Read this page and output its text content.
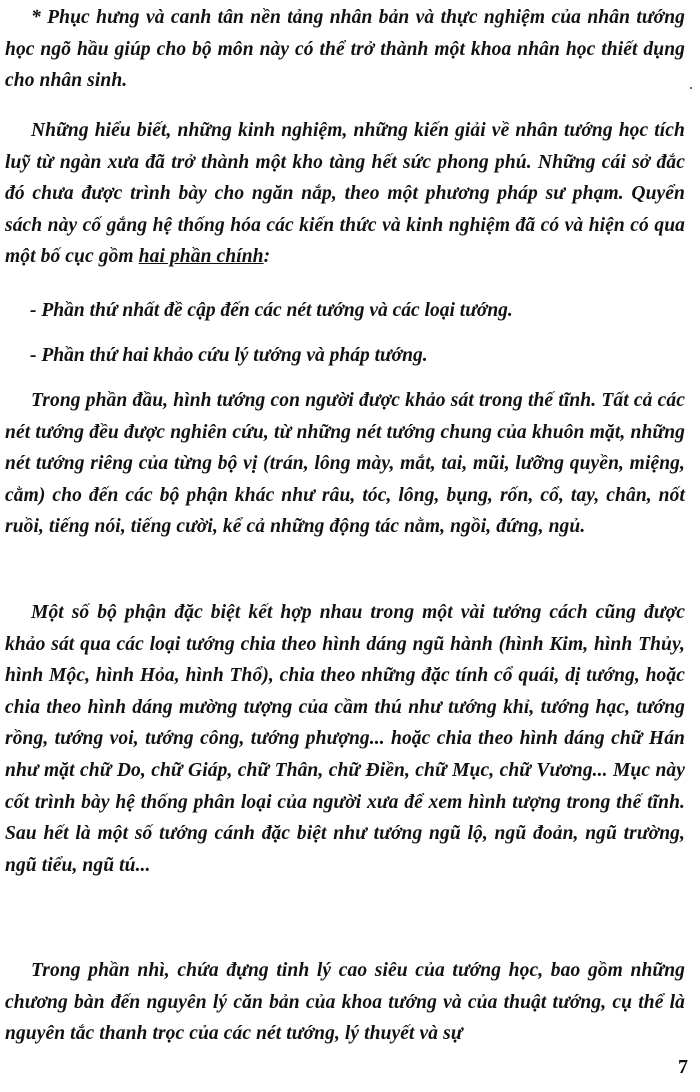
* Phục hưng và canh tân nền tảng nhân bản và thực nghiệm của nhân tướng học ngõ hầu giúp cho bộ môn này có thể trở thành một khoa nhân học thiết dụng cho nhân sinh.

Những hiểu biết, những kinh nghiệm, những kiến giải về nhân tướng học tích luỹ từ ngàn xưa đã trở thành một kho tàng hết sức phong phú. Những cái sở đắc đó chưa được trình bày cho ngăn nắp, theo một phương pháp sư phạm. Quyển sách này cố gắng hệ thống hóa các kiến thức và kinh nghiệm đã có và hiện có qua một bố cục gồm hai phần chính:

- Phần thứ nhất đề cập đến các nét tướng và các loại tướng.

- Phần thứ hai khảo cứu lý tướng và pháp tướng.

Trong phần đầu, hình tướng con người được khảo sát trong thế tĩnh. Tất cả các nét tướng đều được nghiên cứu, từ những nét tướng chung của khuôn mặt, những nét tướng riêng của từng bộ vị (trán, lông mày, mắt, tai, mũi, lưỡng quyền, miệng, cằm) cho đến các bộ phận khác như râu, tóc, lông, bụng, rốn, cổ, tay, chân, nốt ruồi, tiếng nói, tiếng cười, kể cả những động tác nằm, ngồi, đứng, ngủ.

Một số bộ phận đặc biệt kết hợp nhau trong một vài tướng cách cũng được khảo sát qua các loại tướng chia theo hình dáng ngũ hành (hình Kim, hình Thủy, hình Mộc, hình Hỏa, hình Thổ), chia theo những đặc tính cổ quái, dị tướng, hoặc chia theo hình dáng mường tượng của cầm thú như tướng khỉ, tướng hạc, tướng rồng, tướng voi, tướng công, tướng phượng... hoặc chia theo hình dáng chữ Hán như mặt chữ Do, chữ Giáp, chữ Thân, chữ Điền, chữ Mục, chữ Vương... Mục này cốt trình bày hệ thống phân loại của người xưa để xem hình tượng trong thế tĩnh. Sau hết là một số tướng cánh đặc biệt như tướng ngũ lộ, ngũ đoản, ngũ trường, ngũ tiểu, ngũ tú...

Trong phần nhì, chứa đựng tinh lý cao siêu của tướng học, bao gồm những chương bàn đến nguyên lý căn bản của khoa tướng và của thuật tướng, cụ thể là nguyên tắc thanh trọc của các nét tướng, lý thuyết và sự

7
